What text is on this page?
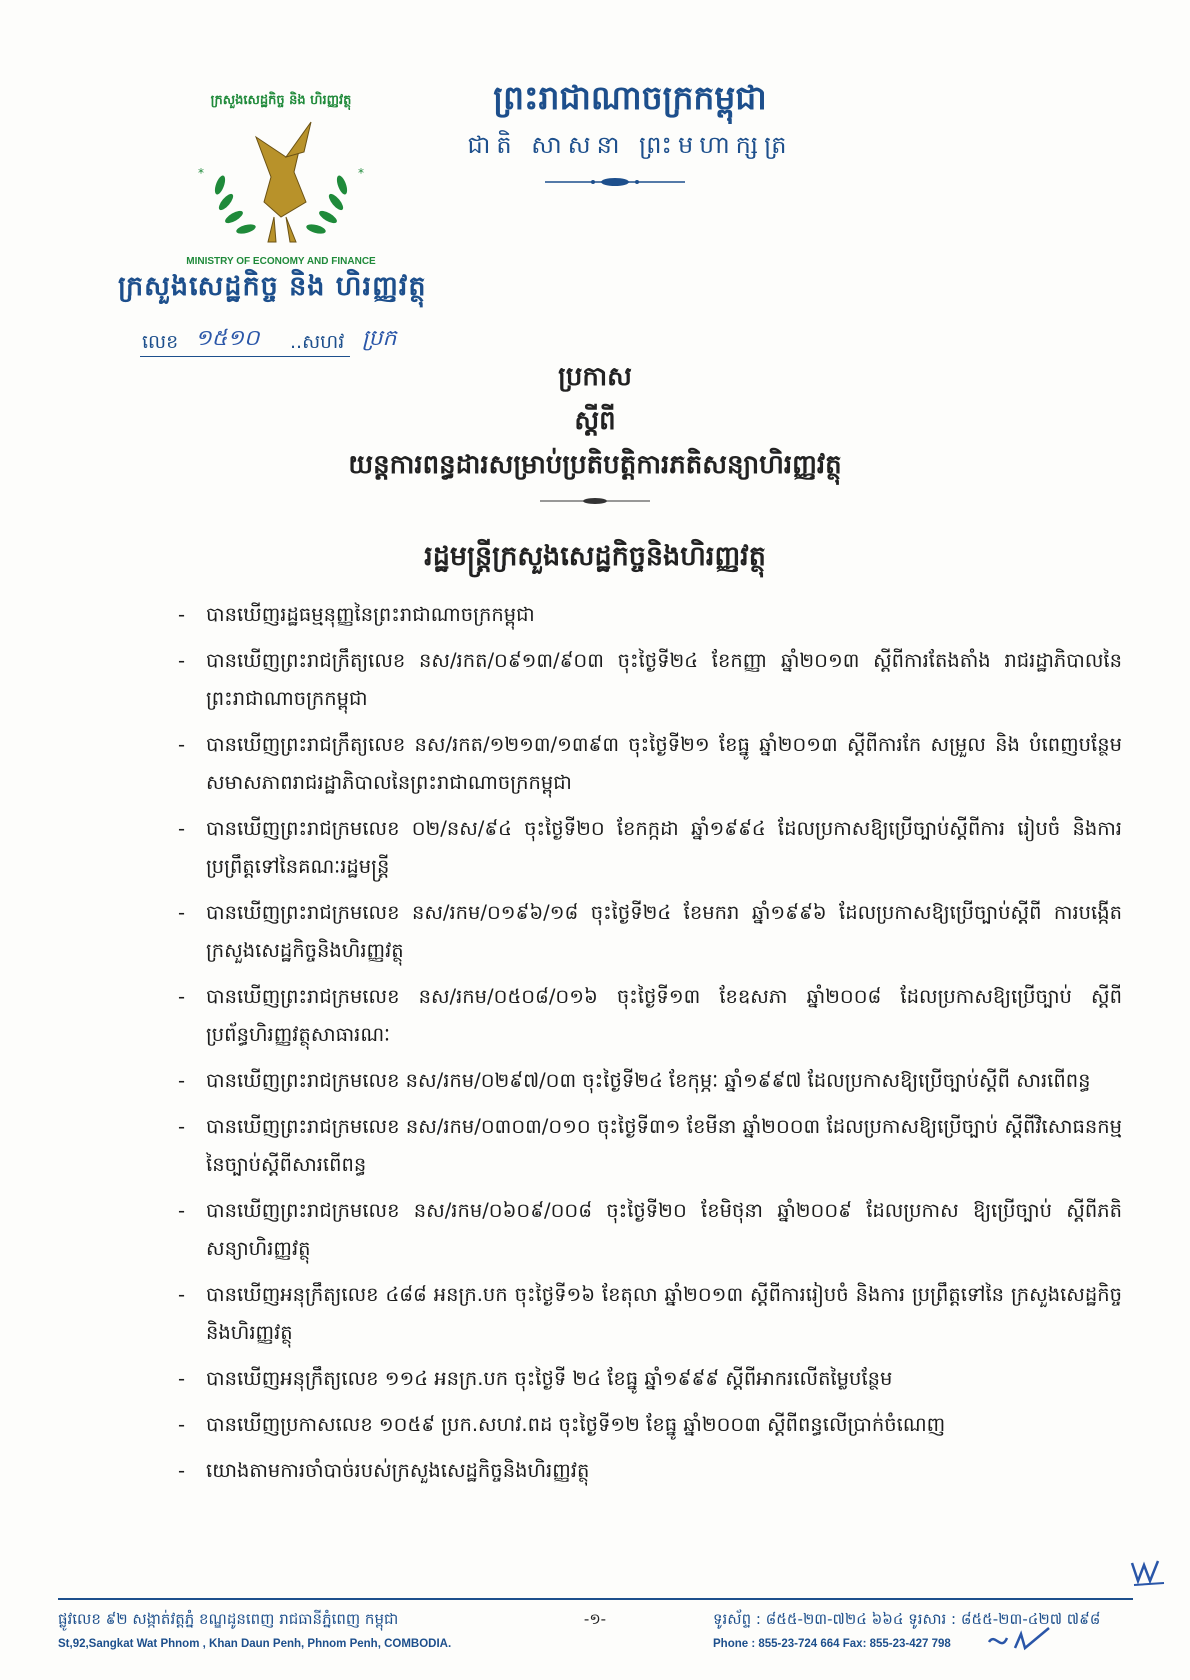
ក្រសួងសេដ្ឋកិច្ច និង ហិរញ្ញវត្ថុ
MINISTRY OF ECONOMY AND FINANCE
*	*
ក្រសួងសេដ្ឋកិច្ច និង ហិរញ្ញវត្ថុ
លេខ ១៥១០ ..សហវ ប្រក
ព្រះរាជាណាចក្រកម្ពុជា
ជាតិ សាសនា ព្រះមហាក្សត្រ
ប្រកាស
ស្តីពី
យន្តការពន្ធដារសម្រាប់ប្រតិបត្តិការភតិសន្យាហិរញ្ញវត្ថុ
រដ្ឋមន្ត្រីក្រសួងសេដ្ឋកិច្ចនិងហិរញ្ញវត្ថុ
- បានឃើញរដ្ឋធម្មនុញ្ញនៃព្រះរាជាណាចក្រកម្ពុជា
- បានឃើញព្រះរាជក្រឹត្យលេខ នស/រកត/០៩១៣/៩០៣ ចុះថ្ងៃទី២៤ ខែកញ្ញា ឆ្នាំ២០១៣ ស្តីពីការតែងតាំង រាជរដ្ឋាភិបាលនៃព្រះរាជាណាចក្រកម្ពុជា
- បានឃើញព្រះរាជក្រឹត្យលេខ នស/រកត/១២១៣/១៣៩៣ ចុះថ្ងៃទី២១ ខែធ្នូ ឆ្នាំ២០១៣ ស្តីពីការកែ សម្រួល និង បំពេញបន្ថែមសមាសភាពរាជរដ្ឋាភិបាលនៃព្រះរាជាណាចក្រកម្ពុជា
- បានឃើញព្រះរាជក្រមលេខ ០២/នស/៩៤ ចុះថ្ងៃទី២០ ខែកក្កដា ឆ្នាំ១៩៩៤ ដែលប្រកាសឱ្យប្រើច្បាប់ស្តីពីការ រៀបចំ និងការប្រព្រឹត្តទៅនៃគណៈរដ្ឋមន្ត្រី
- បានឃើញព្រះរាជក្រមលេខ នស/រកម/០១៩៦/១៨ ចុះថ្ងៃទី២៤ ខែមករា ឆ្នាំ១៩៩៦ ដែលប្រកាសឱ្យប្រើច្បាប់ស្តីពី ការបង្កើតក្រសួងសេដ្ឋកិច្ចនិងហិរញ្ញវត្ថុ
- បានឃើញព្រះរាជក្រមលេខ នស/រកម/០៥០៨/០១៦ ចុះថ្ងៃទី១៣ ខែឧសភា ឆ្នាំ២០០៨ ដែលប្រកាសឱ្យប្រើច្បាប់ ស្តីពីប្រព័ន្ធហិរញ្ញវត្ថុសាធារណៈ
- បានឃើញព្រះរាជក្រមលេខ នស/រកម/០២៩៧/០៣ ចុះថ្ងៃទី២៤ ខែកុម្ភៈ ឆ្នាំ១៩៩៧ ដែលប្រកាសឱ្យប្រើច្បាប់ស្តីពី សារពើពន្ធ
- បានឃើញព្រះរាជក្រមលេខ នស/រកម/០៣០៣/០១០ ចុះថ្ងៃទី៣១ ខែមីនា ឆ្នាំ២០០៣ ដែលប្រកាសឱ្យប្រើច្បាប់ ស្តីពីវិសោធនកម្មនៃច្បាប់ស្តីពីសារពើពន្ធ
- បានឃើញព្រះរាជក្រមលេខ នស/រកម/០៦០៩/០០៨ ចុះថ្ងៃទី២០ ខែមិថុនា ឆ្នាំ២០០៩ ដែលប្រកាស ឱ្យប្រើច្បាប់ ស្តីពីភតិសន្យាហិរញ្ញវត្ថុ
- បានឃើញអនុក្រឹត្យលេខ ៤៨៨ អនក្រ.បក ចុះថ្ងៃទី១៦ ខែតុលា ឆ្នាំ២០១៣ ស្តីពីការរៀបចំ និងការ ប្រព្រឹត្តទៅនៃ ក្រសួងសេដ្ឋកិច្ចនិងហិរញ្ញវត្ថុ
- បានឃើញអនុក្រឹត្យលេខ ១១៤ អនក្រ.បក ចុះថ្ងៃទី ២៤ ខែធ្នូ ឆ្នាំ១៩៩៩ ស្តីពីអាករលើតម្លៃបន្ថែម
- បានឃើញប្រកាសលេខ ១០៥៩ ប្រក.សហវ.ពដ ចុះថ្ងៃទី១២ ខែធ្នូ ឆ្នាំ២០០៣ ស្តីពីពន្ធលើប្រាក់ចំណេញ
- យោងតាមការចាំបាច់របស់ក្រសួងសេដ្ឋកិច្ចនិងហិរញ្ញវត្ថុ
ផ្លូវលេខ ៩២ សង្កាត់វត្តភ្នំ ខណ្ឌដូនពេញ រាជធានីភ្នំពេញ កម្ពុជា
St,92,Sangkat Wat Phnom , Khan Daun Penh, Phnom Penh, COMBODIA.
-១-	ទូរស័ព្ទ : ៨៥៥-២៣-៧២៤ ៦៦៤ ទូរសារ : ៨៥៥-២៣-៤២៧ ៧៩៨
Phone : 855-23-724 664 Fax: 855-23-427 798
